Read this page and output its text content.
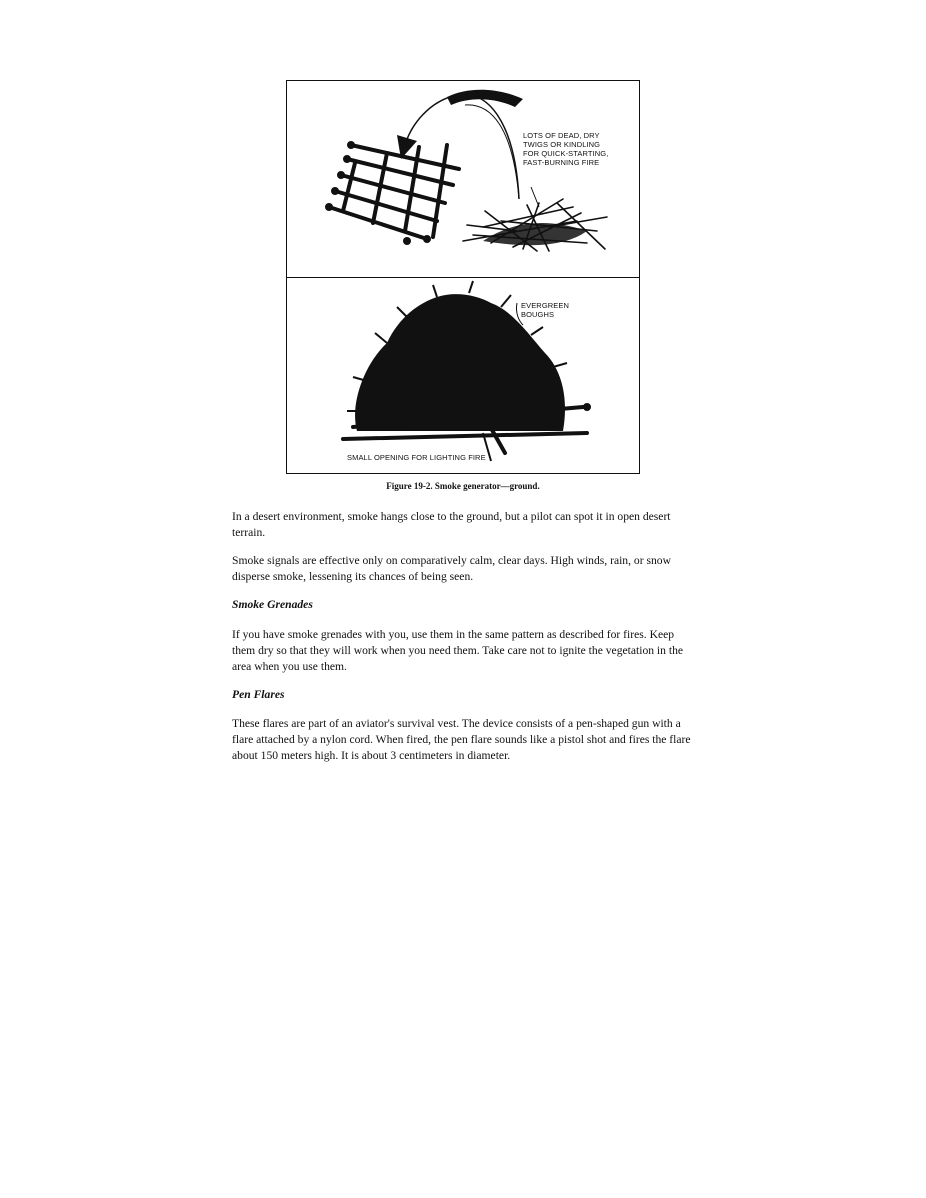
LOTS OF DEAD, DRY
TWIGS OR KINDLING
FOR QUICK-STARTING,
FAST-BURNING FIRE
EVERGREEN
BOUGHS
SMALL OPENING FOR LIGHTING FIRE
Figure 19-2. Smoke generator—ground.

In a desert environment, smoke hangs close to the ground, but a pilot can spot it in open desert terrain.

Smoke signals are effective only on comparatively calm, clear days. High winds, rain, or snow disperse smoke, lessening its chances of being seen.

Smoke Grenades

If you have smoke grenades with you, use them in the same pattern as described for fires. Keep them dry so that they will work when you need them. Take care not to ignite the vegetation in the area when you use them.

Pen Flares

These flares are part of an aviator's survival vest. The device consists of a pen-shaped gun with a flare attached by a nylon cord. When fired, the pen flare sounds like a pistol shot and fires the flare about 150 meters high. It is about 3 centimeters in diameter.
